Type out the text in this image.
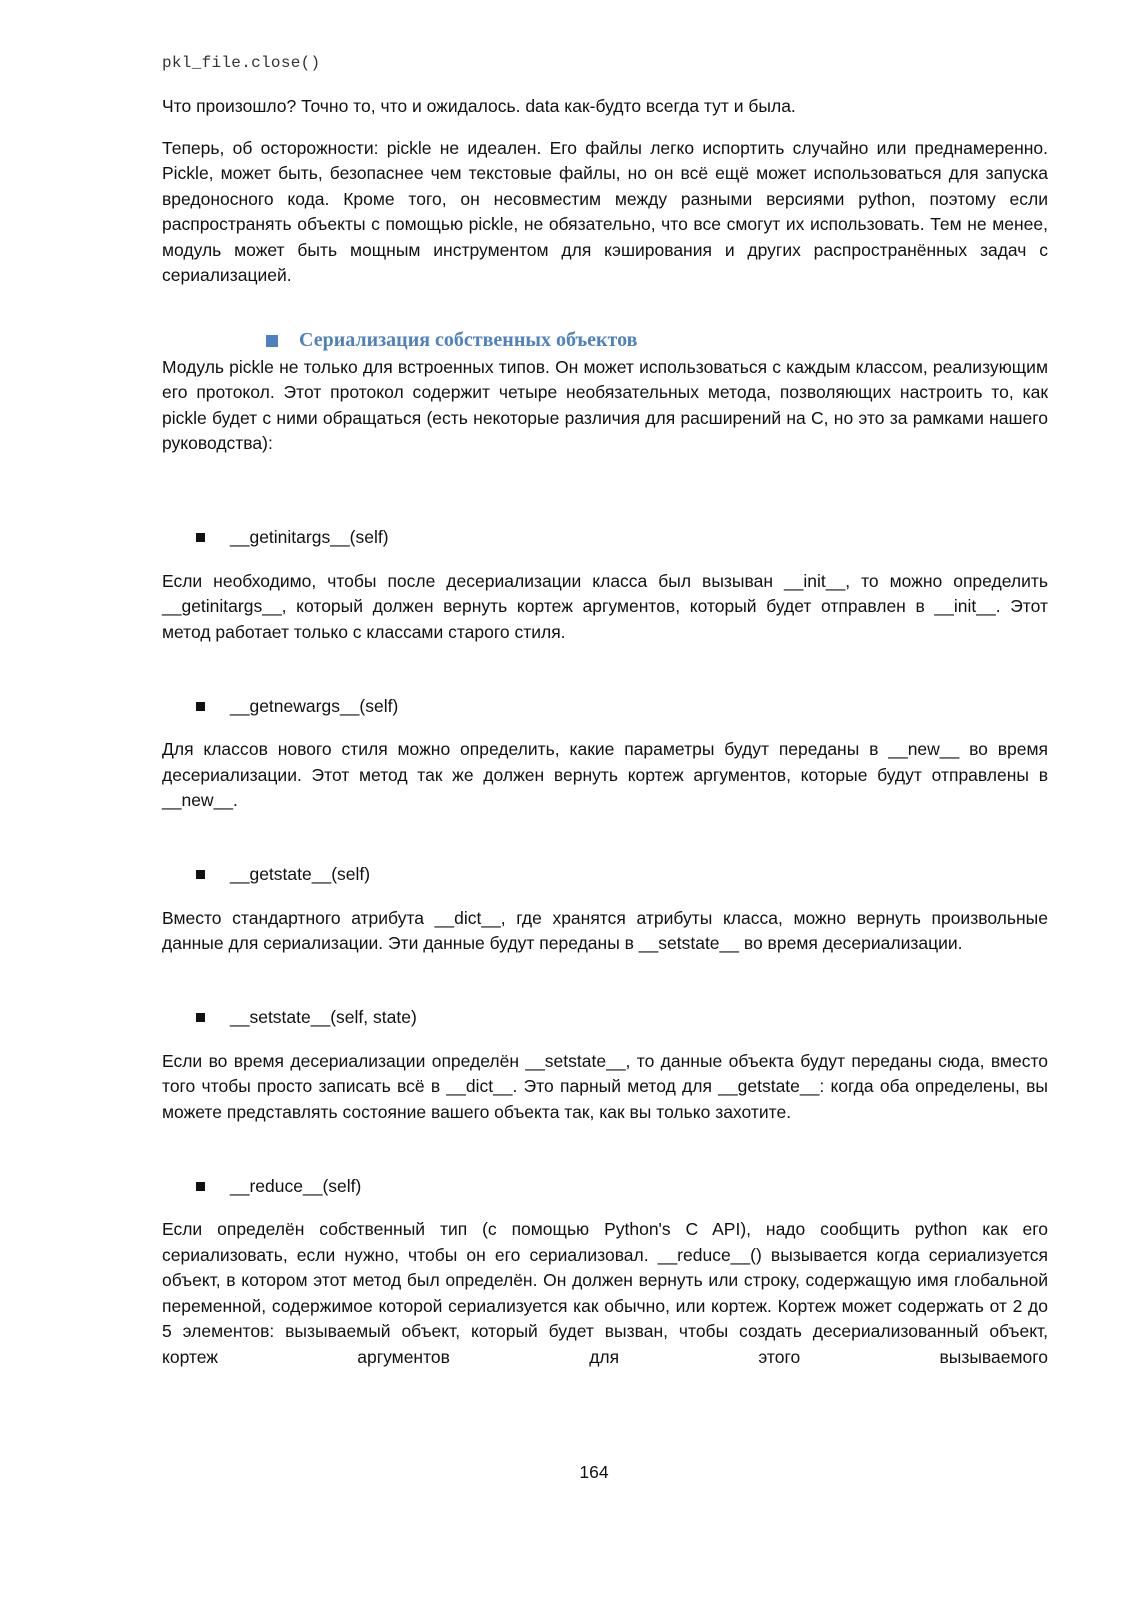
pkl_file.close()

Что произошло? Точно то, что и ожидалось. data как-будто всегда тут и была.

Теперь, об осторожности: pickle не идеален. Его файлы легко испортить случайно или преднамеренно. Pickle, может быть, безопаснее чем текстовые файлы, но он всё ещё может использоваться для запуска вредоносного кода. Кроме того, он несовместим между разными версиями python, поэтому если распространять объекты с помощью pickle, не обязательно, что все смогут их использовать. Тем не менее, модуль может быть мощным инструментом для кэширования и других распространённых задач с сериализацией.

Сериализация собственных объектов

Модуль pickle не только для встроенных типов. Он может использоваться с каждым классом, реализующим его протокол. Этот протокол содержит четыре необязательных метода, позволяющих настроить то, как pickle будет с ними обращаться (есть некоторые различия для расширений на C, но это за рамками нашего руководства):

__getinitargs__(self)

Если необходимо, чтобы после десериализации класса был вызыван __init__, то можно определить __getinitargs__, который должен вернуть кортеж аргументов, который будет отправлен в __init__. Этот метод работает только с классами старого стиля.

__getnewargs__(self)

Для классов нового стиля можно определить, какие параметры будут переданы в __new__ во время десериализации. Этот метод так же должен вернуть кортеж аргументов, которые будут отправлены в __new__.

__getstate__(self)

Вместо стандартного атрибута __dict__, где хранятся атрибуты класса, можно вернуть произвольные данные для сериализации. Эти данные будут переданы в __setstate__ во время десериализации.

__setstate__(self, state)

Если во время десериализации определён __setstate__, то данные объекта будут переданы сюда, вместо того чтобы просто записать всё в __dict__. Это парный метод для __getstate__: когда оба определены, вы можете представлять состояние вашего объекта так, как вы только захотите.

__reduce__(self)

Если определён собственный тип (с помощью Python's C API), надо сообщить python как его сериализовать, если нужно, чтобы он его сериализовал. __reduce__() вызывается когда сериализуется объект, в котором этот метод был определён. Он должен вернуть или строку, содержащую имя глобальной переменной, содержимое которой сериализуется как обычно, или кортеж. Кортеж может содержать от 2 до 5 элементов: вызываемый объект, который будет вызван, чтобы создать десериализованный объект, кортеж аргументов для этого вызываемого

164
